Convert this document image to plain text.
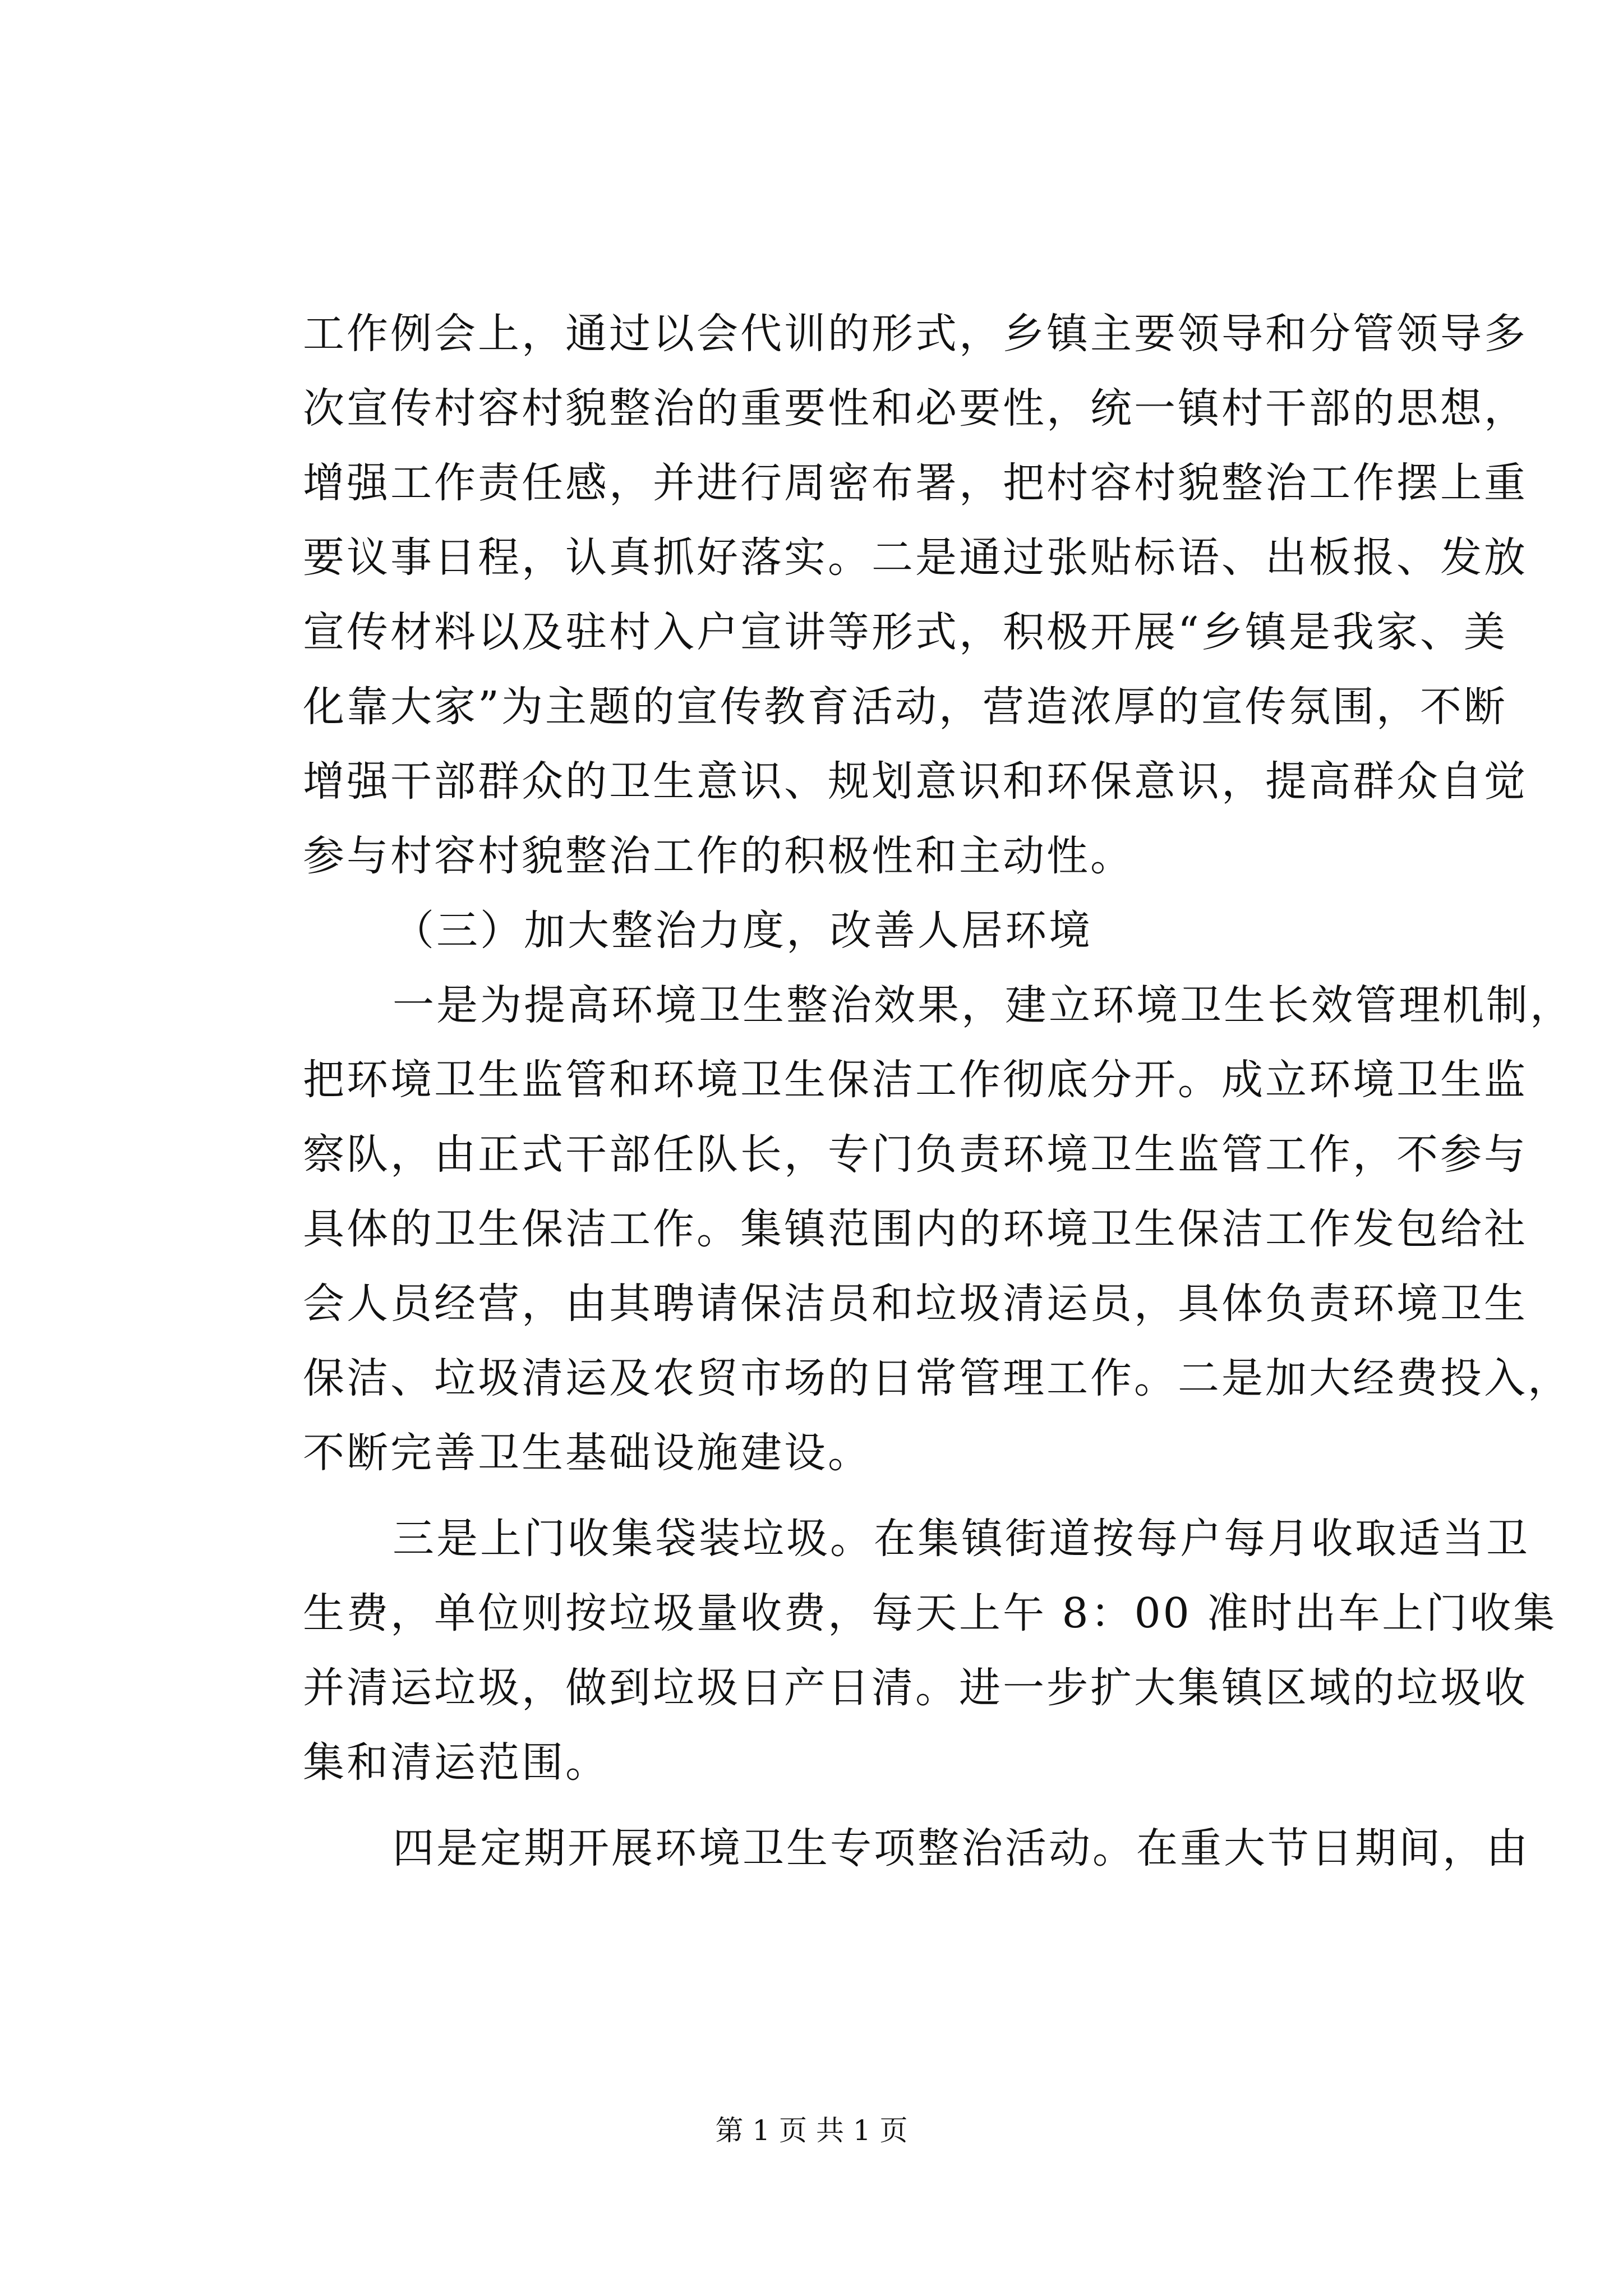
工作例会上，通过以会代训的形式，乡镇主要领导和分管领导多
次宣传村容村貌整治的重要性和必要性，统一镇村干部的思想，
增强工作责任感，并进行周密布署，把村容村貌整治工作摆上重
要议事日程，认真抓好落实。二是通过张贴标语、出板报、发放
宣传材料以及驻村入户宣讲等形式，积极开展“乡镇是我家、美
化靠大家”为主题的宣传教育活动，营造浓厚的宣传氛围，不断
增强干部群众的卫生意识、规划意识和环保意识，提高群众自觉
参与村容村貌整治工作的积极性和主动性。
（三）加大整治力度，改善人居环境
一是为提高环境卫生整治效果，建立环境卫生长效管理机制，
把环境卫生监管和环境卫生保洁工作彻底分开。成立环境卫生监
察队，由正式干部任队长，专门负责环境卫生监管工作，不参与
具体的卫生保洁工作。集镇范围内的环境卫生保洁工作发包给社
会人员经营，由其聘请保洁员和垃圾清运员，具体负责环境卫生
保洁、垃圾清运及农贸市场的日常管理工作。二是加大经费投入，
不断完善卫生基础设施建设。
三是上门收集袋装垃圾。在集镇街道按每户每月收取适当卫
生费，单位则按垃圾量收费，每天上午 8：00 准时出车上门收集
并清运垃圾，做到垃圾日产日清。进一步扩大集镇区域的垃圾收
集和清运范围。
四是定期开展环境卫生专项整治活动。在重大节日期间，由
第 1 页 共 1 页
